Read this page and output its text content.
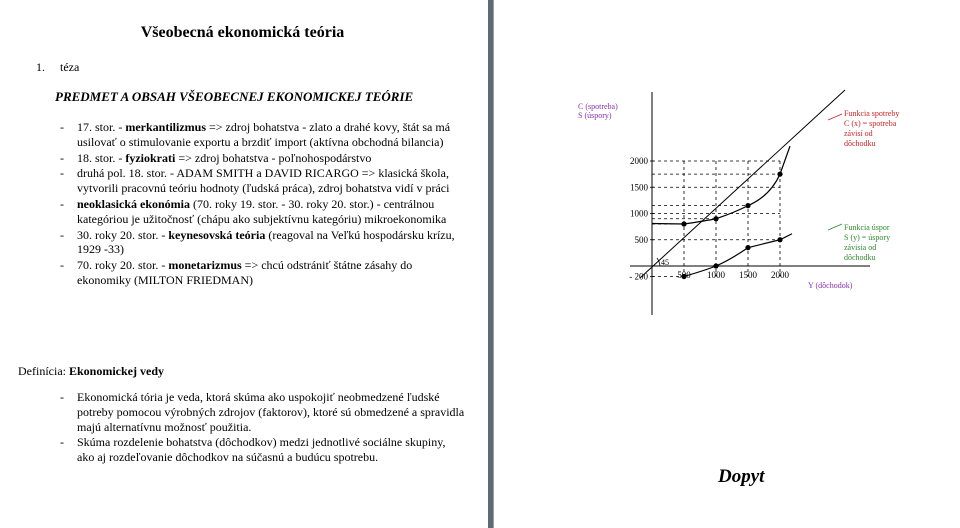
Všeobecná ekonomická teória
1. téza
PREDMET A OBSAH VŠEOBECNEJ EKONOMICKEJ TEÓRIE
- 17. stor. - merkantilizmus => zdroj bohatstva - zlato a drahé kovy, štát sa má usilovať o stimulovanie exportu a brzdiť import (aktívna obchodná bilancia)
- 18. stor. - fyziokrati => zdroj bohatstva - poľnohospodárstvo
- druhá pol. 18. stor. - ADAM SMITH a DAVID RICARGO => klasická škola, vytvorili pracovnú teóriu hodnoty (ľudská práca), zdroj bohatstva vidí v práci
- neoklasická ekonómia (70. roky 19. stor. - 30. roky 20. stor.) - centrálnou kategóriou je užitočnosť (chápu ako subjektívnu kategóriu) mikroekonomika
- 30. roky 20. stor. - keynesovská teória (reagoval na Veľkú hospodársku krízu, 1929 -33)
- 70. roky 20. stor. - monetarizmus => chcú odstrániť štátne zásahy do ekonomiky (MILTON FRIEDMAN)
Definícia: Ekonomickej vedy
- Ekonomická tória je veda, ktorá skúma ako uspokojiť neobmedzené ľudské potreby pomocou výrobných zdrojov (faktorov), ktoré sú obmedzené a spravidla majú alternatívnu možnosť použitia.
- Skúma rozdelenie bohatstva (dôchodkov) medzi jednotlivé sociálne skupiny, ako aj rozdeľovanie dôchodkov na súčasnú a budúcu spotrebu.
2000
1500
1000
500
- 200	500 1000 1500 2000
C (spotreba)
S (úspory)
Y (dôchodok)
45
Funkcia spotreby
C (x) = spotreba
závisí od
dôchodku
Funkcia úspor
S (y) = úspory
závisia od
dôchodku
Dopyt
